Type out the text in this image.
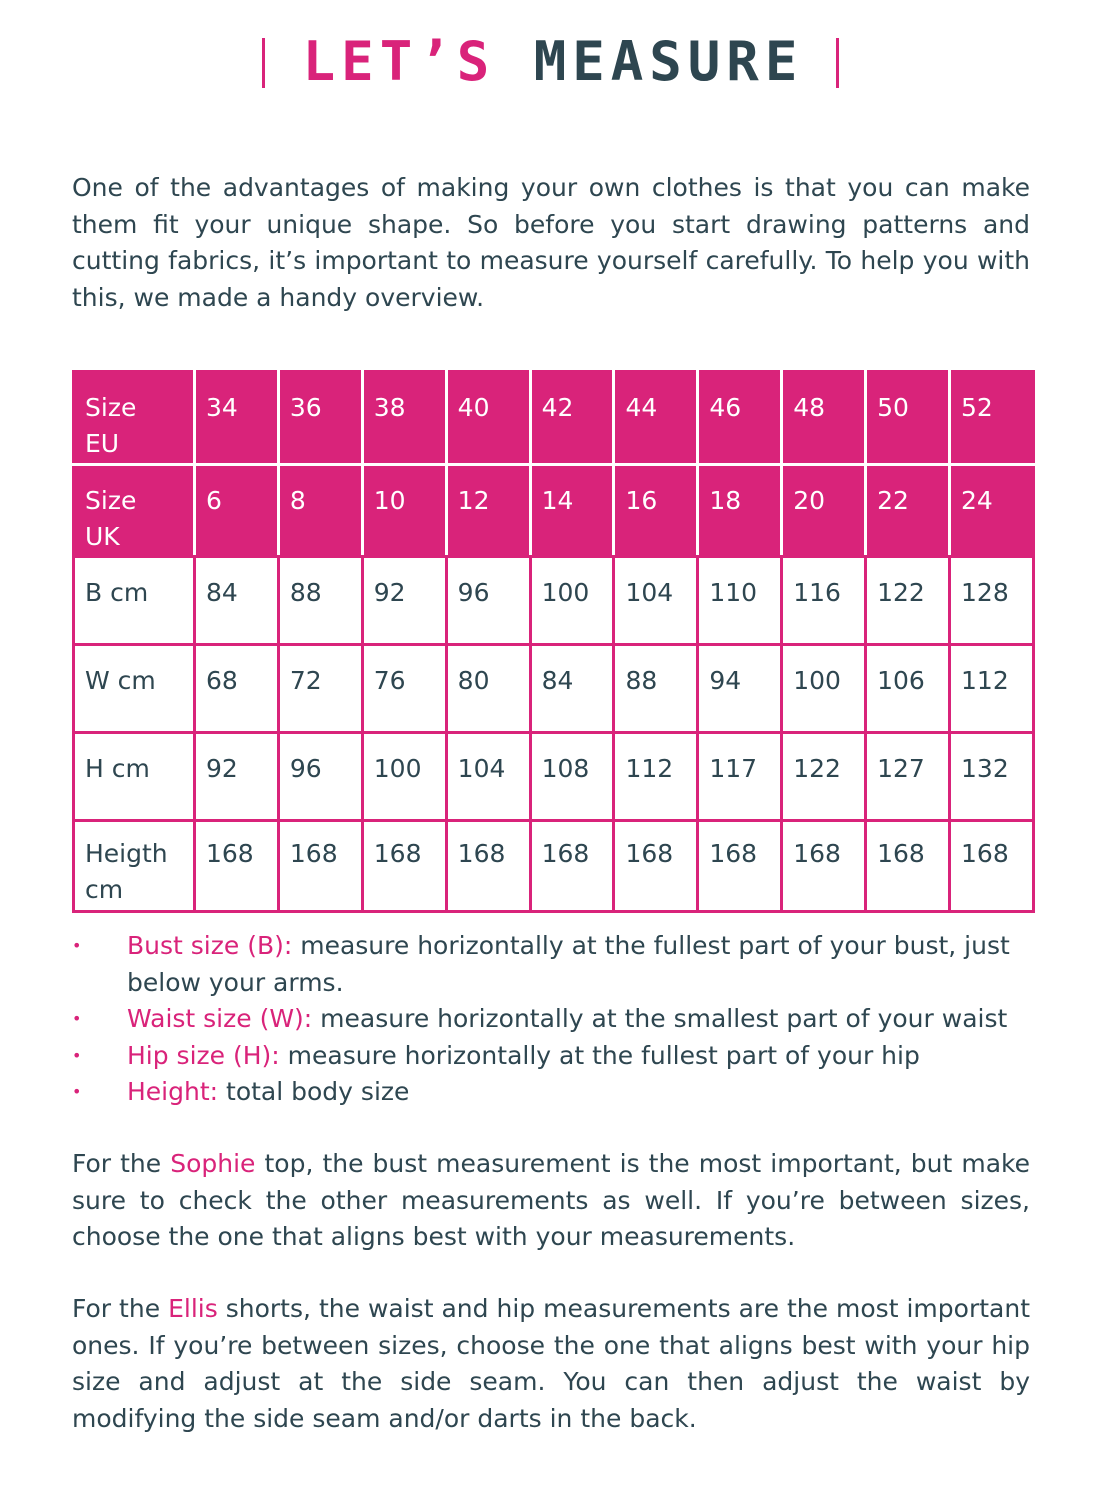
LET’S MEASURE

One of the advantages of making your own clothes is that you can make them fit your unique shape. So before you start drawing patterns and cutting fabrics, it’s important to measure yourself carefully. To help you with this, we made a handy overview.

Size
EU	34	36	38	40	42	44	46	48	50	52
Size
UK	6	8	10	12	14	16	18	20	22	24
B cm	84	88	92	96	100	104	110	116	122	128
W cm	68	72	76	80	84	88	94	100	106	112
H cm	92	96	100	104	108	112	117	122	127	132
Heigth
cm	168	168	168	168	168	168	168	168	168	168
• Bust size (B): measure horizontally at the fullest part of your bust, just below your arms.
• Waist size (W): measure horizontally at the smallest part of your waist
• Hip size (H): measure horizontally at the fullest part of your hip
• Height: total body size

For the Sophie top, the bust measurement is the most important, but make sure to check the other measurements as well. If you’re between sizes, choose the one that aligns best with your measurements.

For the Ellis shorts, the waist and hip measurements are the most important ones. If you’re between sizes, choose the one that aligns best with your hip size and adjust at the side seam. You can then adjust the waist by modifying the side seam and/or darts in the back.
